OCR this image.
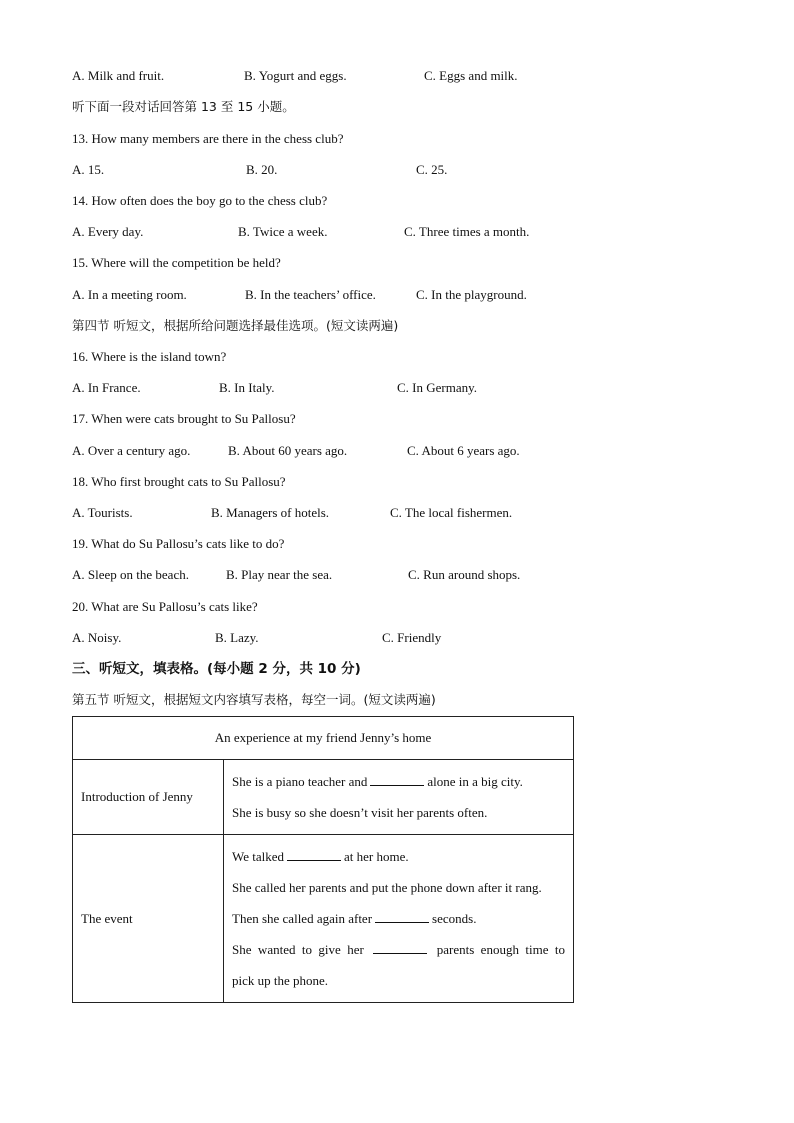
A. Milk and fruit.	B. Yogurt and eggs.	C. Eggs and milk.
听下面一段对话回答第 13 至 15 小题。
13. How many members are there in the chess club?
A. 15.	B. 20.	C. 25.
14. How often does the boy go to the chess club?
A. Every day.	B. Twice a week.	C. Three times a month.
15. Where will the competition be held?
A. In a meeting room.	B. In the teachers’ office.	C. In the playground.
第四节 听短文，根据所给问题选择最佳选项。(短文读两遍)
16. Where is the island town?
A. In France.	B. In Italy.	C. In Germany.
17. When were cats brought to Su Pallosu?
A. Over a century ago.	B. About 60 years ago.	C. About 6 years ago.
18. Who first brought cats to Su Pallosu?
A. Tourists.	B. Managers of hotels.	C. The local fishermen.
19. What do Su Pallosu’s cats like to do?
A. Sleep on the beach.	B. Play near the sea.	C. Run around shops.
20. What are Su Pallosu’s cats like?
A. Noisy.	B. Lazy.	C. Friendly
三、听短文，填表格。(每小题 2 分，共 10 分)
第五节 听短文，根据短文内容填写表格，每空一词。(短文读两遍)
An experience at my friend Jenny’s home	
Introduction of Jenny	She is a piano teacher and alone in a big city.
She is busy so she doesn’t visit her parents often.

The event	We talked at her home.
She called her parents and put the phone down after it rang.
Then she called again after seconds.
She wanted to give her parents enough time to
pick up the phone.
